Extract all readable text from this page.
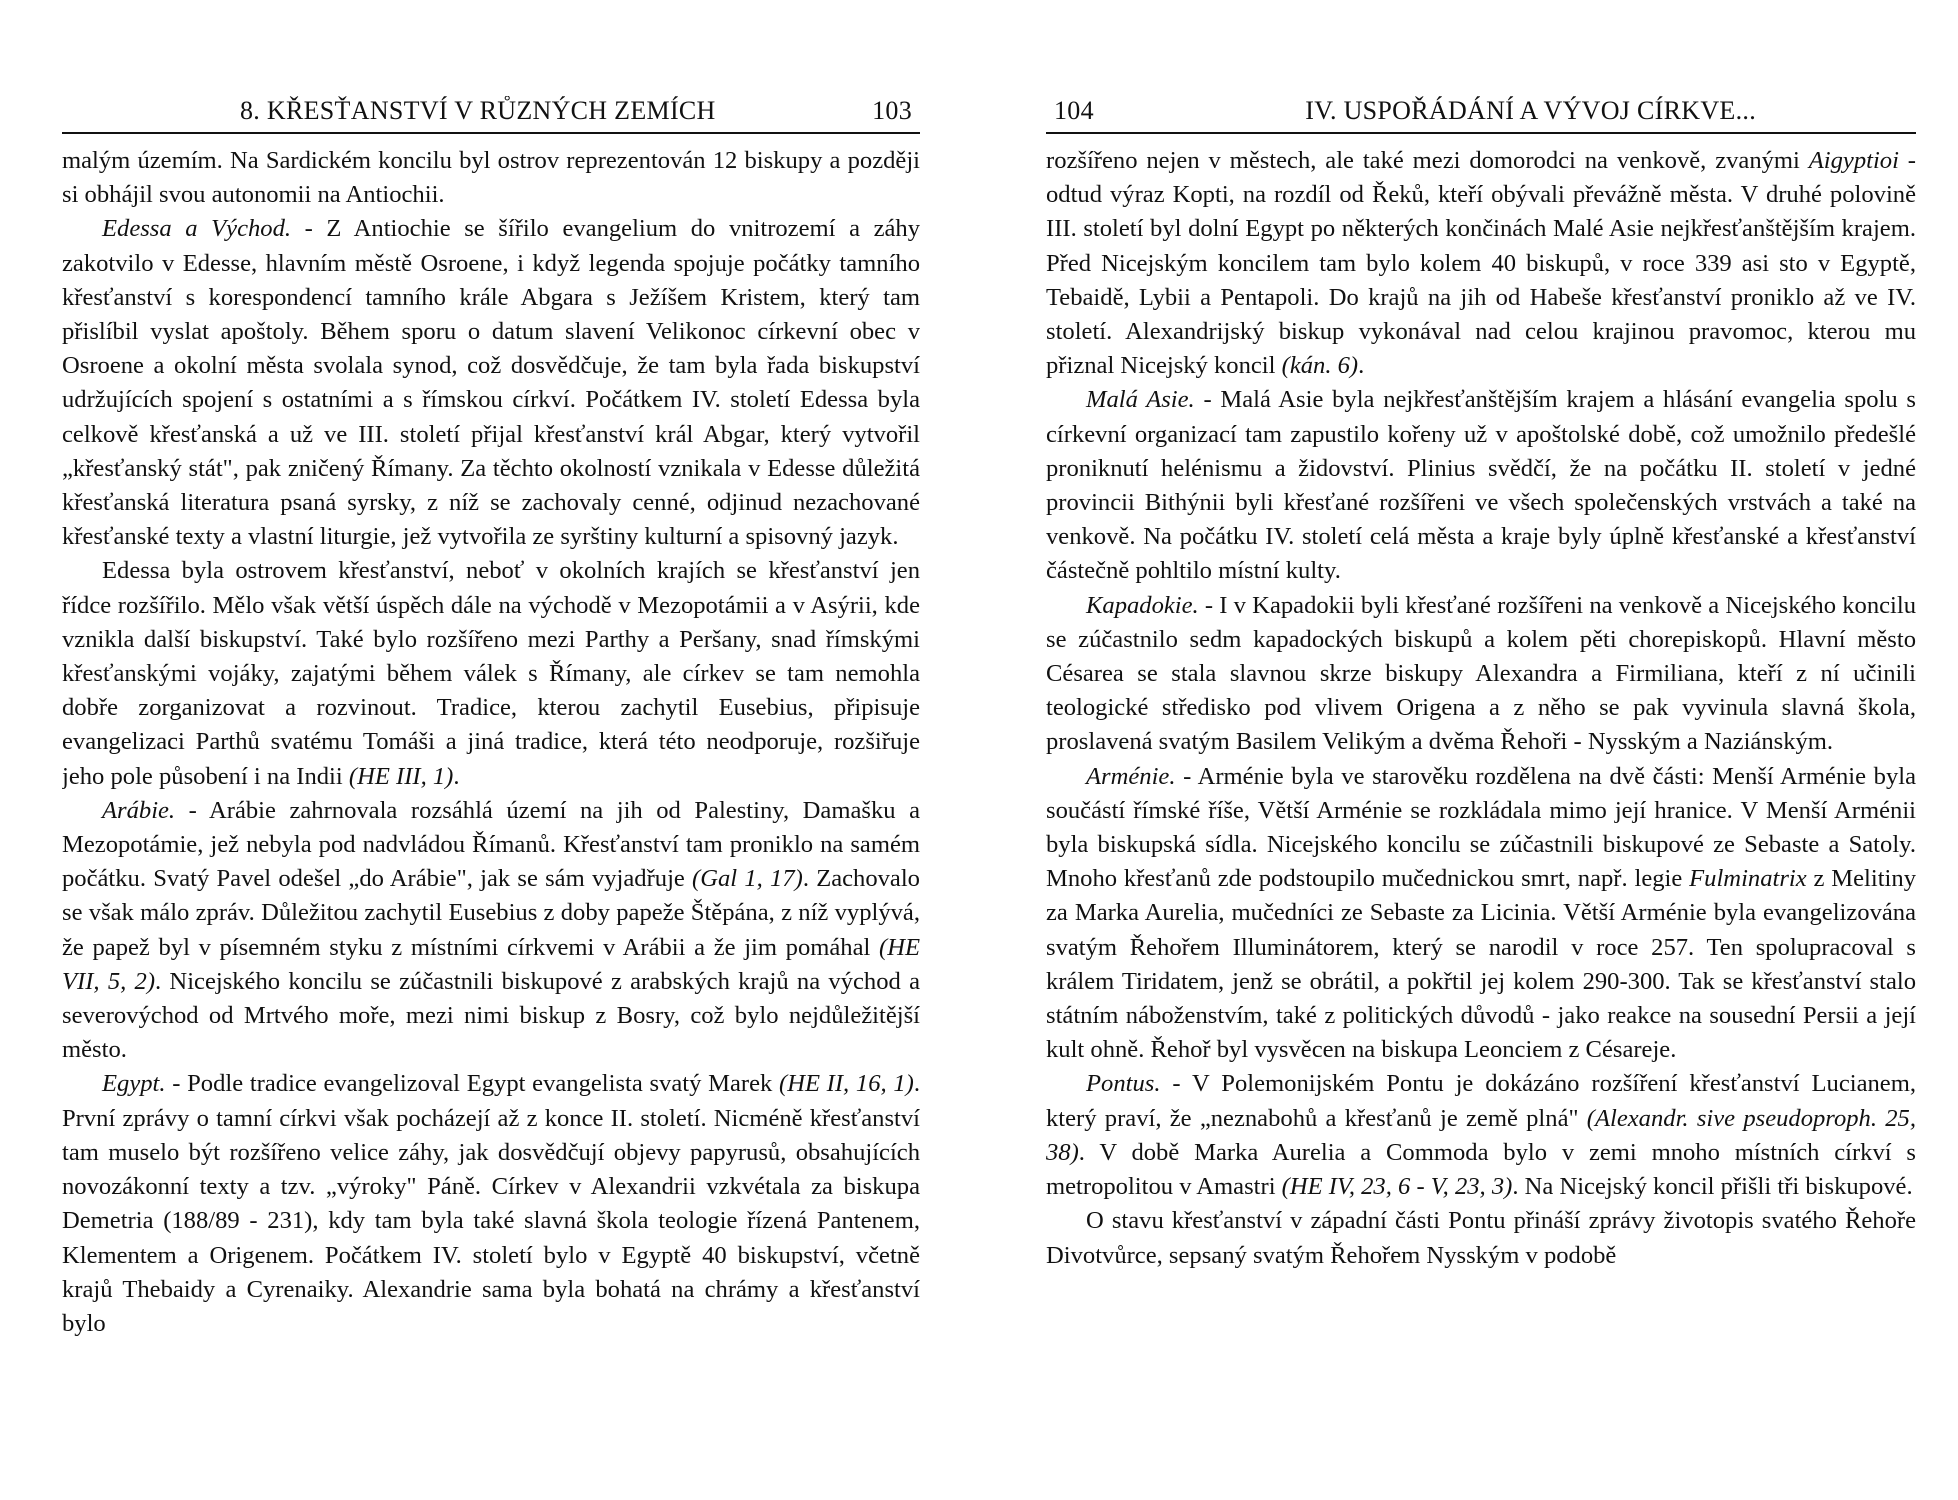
8. KŘESŤANSTVÍ V RŮZNÝCH ZEMÍCH	103

malým územím. Na Sardickém koncilu byl ostrov reprezentován 12 biskupy a později si obhájil svou autonomii na Antiochii.

Edessa a Východ. - Z Antiochie se šířilo evangelium do vnitrozemí a záhy zakotvilo v Edesse, hlavním městě Osroene, i když legenda spojuje počátky tamního křesťanství s korespondencí tamního krále Abgara s Ježíšem Kristem, který tam přislíbil vyslat apoštoly. Během sporu o datum slavení Velikonoc církevní obec v Osroene a okolní města svolala synod, což dosvědčuje, že tam byla řada biskupství udržujících spojení s ostatními a s římskou církví. Počátkem IV. století Edessa byla celkově křesťanská a už ve III. století přijal křesťanství král Abgar, který vytvořil „křesťanský stát", pak zničený Římany. Za těchto okolností vznikala v Edesse důležitá křesťanská literatura psaná syrsky, z níž se zachovaly cenné, odjinud nezachované křesťanské texty a vlastní liturgie, jež vytvořila ze syrštiny kulturní a spisovný jazyk.

Edessa byla ostrovem křesťanství, neboť v okolních krajích se křesťanství jen řídce rozšířilo. Mělo však větší úspěch dále na východě v Mezopotámii a v Asýrii, kde vznikla další biskupství. Také bylo rozšířeno mezi Parthy a Peršany, snad římskými křesťanskými vojáky, zajatými během válek s Římany, ale církev se tam nemohla dobře zorganizovat a rozvinout. Tradice, kterou zachytil Eusebius, připisuje evangelizaci Parthů svatému Tomáši a jiná tradice, která této neodporuje, rozšiřuje jeho pole působení i na Indii (HE III, 1).

Arábie. - Arábie zahrnovala rozsáhlá území na jih od Palestiny, Damašku a Mezopotámie, jež nebyla pod nadvládou Římanů. Křesťanství tam proniklo na samém počátku. Svatý Pavel odešel „do Arábie", jak se sám vyjadřuje (Gal 1, 17). Zachovalo se však málo zpráv. Důležitou zachytil Eusebius z doby papeže Štěpána, z níž vyplývá, že papež byl v písemném styku z místními církvemi v Arábii a že jim pomáhal (HE VII, 5, 2). Nicejského koncilu se zúčastnili biskupové z arabských krajů na východ a severovýchod od Mrtvého moře, mezi nimi biskup z Bosry, což bylo nejdůležitější město.

Egypt. - Podle tradice evangelizoval Egypt evangelista svatý Marek (HE II, 16, 1). První zprávy o tamní církvi však pocházejí až z konce II. století. Nicméně křesťanství tam muselo být rozšířeno velice záhy, jak dosvědčují objevy papyrusů, obsahujících novozákonní texty a tzv. „výroky" Páně. Církev v Alexandrii vzkvétala za biskupa Demetria (188/89 - 231), kdy tam byla také slavná škola teologie řízená Pantenem, Klementem a Origenem. Počátkem IV. století bylo v Egyptě 40 biskupství, včetně krajů Thebaidy a Cyrenaiky. Alexandrie sama byla bohatá na chrámy a křesťanství bylo

104	IV. USPOŘÁDÁNÍ A VÝVOJ CÍRKVE...

rozšířeno nejen v městech, ale také mezi domorodci na venkově, zvanými Aigyptioi - odtud výraz Kopti, na rozdíl od Řeků, kteří obývali převážně města. V druhé polovině III. století byl dolní Egypt po některých končinách Malé Asie nejkřesťanštějším krajem. Před Nicejským koncilem tam bylo kolem 40 biskupů, v roce 339 asi sto v Egyptě, Tebaidě, Lybii a Pentapoli. Do krajů na jih od Habeše křesťanství proniklo až ve IV. století. Alexandrijský biskup vykonával nad celou krajinou pravomoc, kterou mu přiznal Nicejský koncil (kán. 6).

Malá Asie. - Malá Asie byla nejkřesťanštějším krajem a hlásání evangelia spolu s církevní organizací tam zapustilo kořeny už v apoštolské době, což umožnilo předešlé proniknutí helénismu a židovství. Plinius svědčí, že na počátku II. století v jedné provincii Bithýnii byli křesťané rozšířeni ve všech společenských vrstvách a také na venkově. Na počátku IV. století celá města a kraje byly úplně křesťanské a křesťanství částečně pohltilo místní kulty.

Kapadokie. - I v Kapadokii byli křesťané rozšířeni na venkově a Nicejského koncilu se zúčastnilo sedm kapadockých biskupů a kolem pěti chorepiskopů. Hlavní město Césarea se stala slavnou skrze biskupy Alexandra a Firmiliana, kteří z ní učinili teologické středisko pod vlivem Origena a z něho se pak vyvinula slavná škola, proslavená svatým Basilem Velikým a dvěma Řehoři - Nysským a Naziánským.

Arménie. - Arménie byla ve starověku rozdělena na dvě části: Menší Arménie byla součástí římské říše, Větší Arménie se rozkládala mimo její hranice. V Menší Arménii byla biskupská sídla. Nicejského koncilu se zúčastnili biskupové ze Sebaste a Satoly. Mnoho křesťanů zde podstoupilo mučednickou smrt, např. legie Fulminatrix z Melitiny za Marka Aurelia, mučedníci ze Sebaste za Licinia. Větší Arménie byla evangelizována svatým Řehořem Illuminátorem, který se narodil v roce 257. Ten spolupracoval s králem Tiridatem, jenž se obrátil, a pokřtil jej kolem 290-300. Tak se křesťanství stalo státním náboženstvím, také z politických důvodů - jako reakce na sousední Persii a její kult ohně. Řehoř byl vysvěcen na biskupa Leonciem z Césareje.

Pontus. - V Polemonijském Pontu je dokázáno rozšíření křesťanství Lucianem, který praví, že „neznabohů a křesťanů je země plná" (Alexandr. sive pseudoproph. 25, 38). V době Marka Aurelia a Commoda bylo v zemi mnoho místních církví s metropolitou v Amastri (HE IV, 23, 6 - V, 23, 3). Na Nicejský koncil přišli tři biskupové.

O stavu křesťanství v západní části Pontu přináší zprávy životopis svatého Řehoře Divotvůrce, sepsaný svatým Řehořem Nysským v podobě
